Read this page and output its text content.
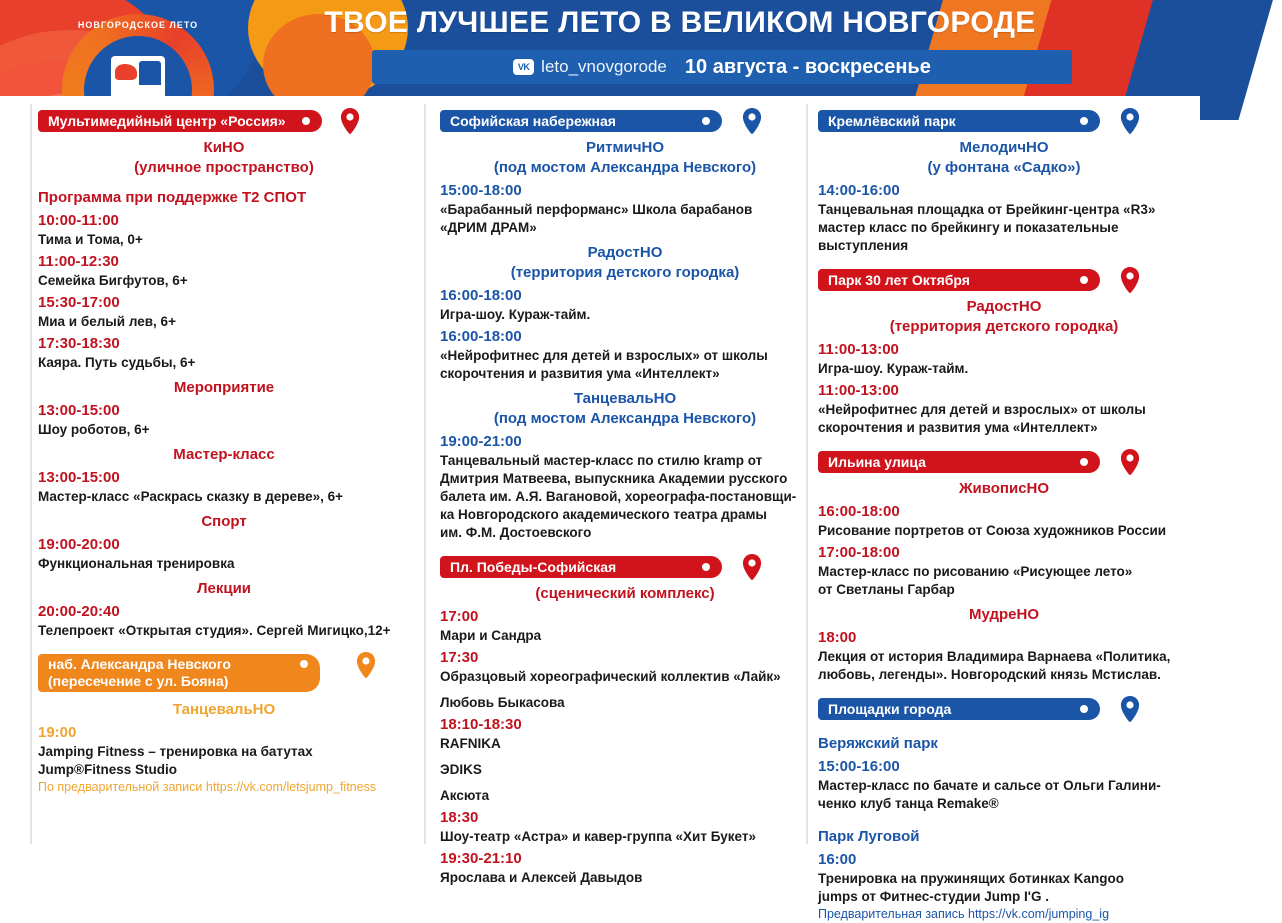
ТВОЕ ЛУЧШЕЕ ЛЕТО В ВЕЛИКОМ НОВГОРОДЕ
VK leto_vnovgorode 10 августа - воскресенье
НОВГОРОДСКОЕ ЛЕТО
Мультимедийный центр «Россия»
КиНО
(уличное пространство)
Программа при поддержке Т2 СПОТ
10:00-11:00
Тима и Тома, 0+
11:00-12:30
Семейка Бигфутов, 6+
15:30-17:00
Миа и белый лев, 6+
17:30-18:30
Каяра. Путь судьбы, 6+
Мероприятие
13:00-15:00
Шоу роботов, 6+
Мастер-класс
13:00-15:00
Мастер-класс «Раскрась сказку в дереве», 6+
Спорт
19:00-20:00
Функциональная тренировка
Лекции
20:00-20:40
Телепроект «Открытая студия». Сергей Мигицко,12+
наб. Александра Невского
(пересечение с ул. Бояна)
ТанцевальНО
19:00
Jamping Fitness – тренировка на батутах
Jump®Fitness Studio
По предварительной записи https://vk.com/letsjump_fitness
Софийская набережная
РитмичНО
(под мостом Александра Невского)
15:00-18:00
«Барабанный перформанс» Школа барабанов
«ДРИМ ДРАМ»
РадостНО
(территория детского городка)
16:00-18:00
Игра-шоу. Кураж-тайм.
16:00-18:00
«Нейрофитнес для детей и взрослых» от школы
скорочтения и развития ума «Интеллект»
ТанцевальНО
(под мостом Александра Невского)
19:00-21:00
Танцевальный мастер-класс по стилю kramp от
Дмитрия Матвеева, выпускника Академии русского
балета им. А.Я. Вагановой, хореографа-постановщи-
ка Новгородского академического театра драмы
им. Ф.М. Достоевского
Пл. Победы-Софийская
(сценический комплекс)
17:00
Мари и Сандра
17:30
Образцовый хореографический коллектив «Лайк»
Любовь Быкасова
18:10-18:30
RAFNIKA
ЭDIKS
Аксюта
18:30
Шоу-театр «Астра» и кавер-группа «Хит Букет»
19:30-21:10
Ярослава и Алексей Давыдов
Кремлёвский парк
МелодичНО
(у фонтана «Садко»)
14:00-16:00
Танцевальная площадка от Брейкинг-центра «R3»
мастер класс по брейкингу и показательные
выступления
Парк 30 лет Октября
РадостНО
(территория детского городка)
11:00-13:00
Игра-шоу. Кураж-тайм.
11:00-13:00
«Нейрофитнес для детей и взрослых» от школы
скорочтения и развития ума «Интеллект»
Ильина улица
ЖивописНО
16:00-18:00
Рисование портретов от Союза художников России
17:00-18:00
Мастер-класс по рисованию «Рисующее лето»
от Светланы Гарбар
МудреНО
18:00
Лекция от история Владимира Варнаева «Политика,
любовь, легенды». Новгородский князь Мстислав.
Площадки города
Веряжский парк
15:00-16:00
Мастер-класс по бачате и сальсе от Ольги Галини-
ченко клуб танца Remake®
Парк Луговой
16:00
Тренировка на пружинящих ботинках Kangoo
jumps от Фитнес-студии Jump I'G .
Предварительная запись https://vk.com/jumping_ig
